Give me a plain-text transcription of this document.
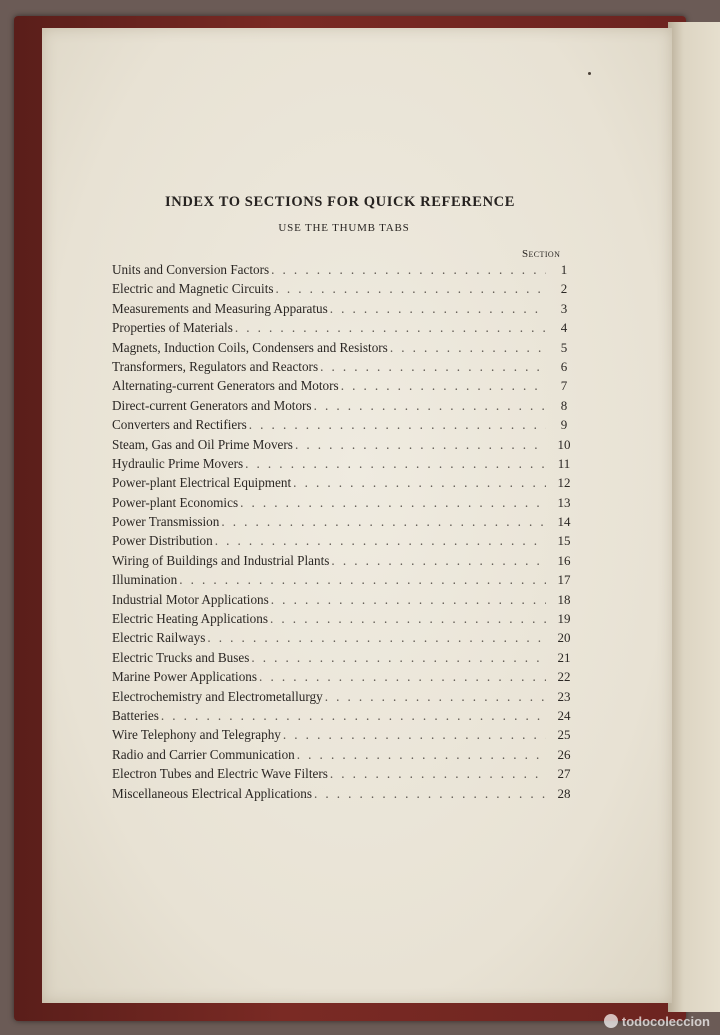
INDEX TO SECTIONS FOR QUICK REFERENCE
USE THE THUMB TABS
Section
Units and Conversion Factors . . .	1
Electric and Magnetic Circuits . . .	2
Measurements and Measuring Apparatus . . .	3
Properties of Materials . . .	4
Magnets, Induction Coils, Condensers and Resistors . . .	5
Transformers, Regulators and Reactors . . .	6
Alternating-current Generators and Motors . . .	7
Direct-current Generators and Motors . . .	8
Converters and Rectifiers . . .	9
Steam, Gas and Oil Prime Movers . . .	10
Hydraulic Prime Movers . . .	11
Power-plant Electrical Equipment . . .	12
Power-plant Economics . . .	13
Power Transmission . . .	14
Power Distribution . . .	15
Wiring of Buildings and Industrial Plants . . .	16
Illumination . . .	17
Industrial Motor Applications . . .	18
Electric Heating Applications . . .	19
Electric Railways . . .	20
Electric Trucks and Buses . . .	21
Marine Power Applications . . .	22
Electrochemistry and Electrometallurgy . . .	23
Batteries . . .	24
Wire Telephony and Telegraphy . . .	25
Radio and Carrier Communication . . .	26
Electron Tubes and Electric Wave Filters . . .	27
Miscellaneous Electrical Applications . . .	28
todocoleccion
